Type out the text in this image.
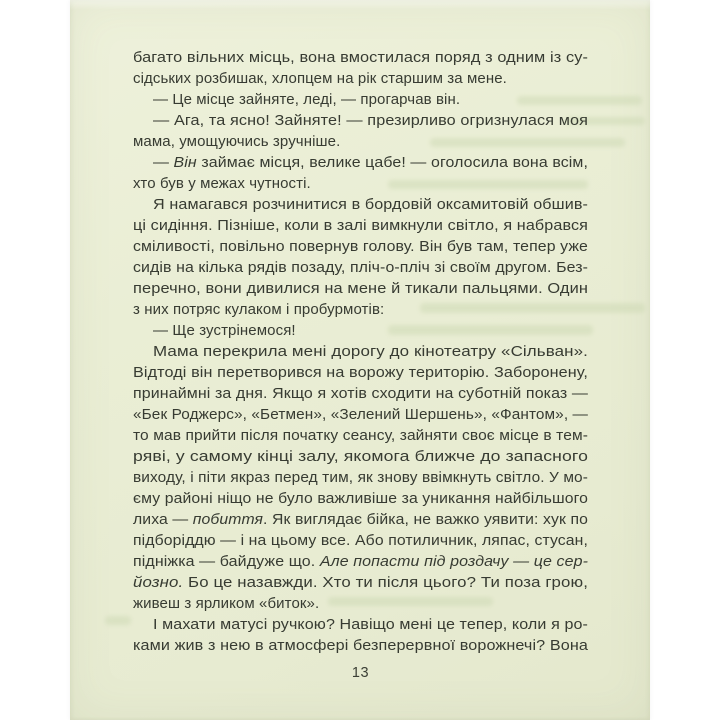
багато вільних місць, вона вмостилася поряд з одним із су-
сідських розбишак, хлопцем на рік старшим за мене.
— Це місце зайняте, леді, — прогарчав він.
— Ага, та ясно! Зайняте! — презирливо огризнулася моя
мама, умощуючись зручніше.
— Він займає місця, велике цабе! — оголосила вона всім,
хто був у межах чутності.
Я намагався розчинитися в бордовій оксамитовій обшив-
ці сидіння. Пізніше, коли в залі вимкнули світло, я набрався
сміливості, повільно повернув голову. Він був там, тепер уже
сидів на кілька рядів позаду, пліч-о-пліч зі своїм другом. Без-
перечно, вони дивилися на мене й тикали пальцями. Один
з них потряс кулаком і пробурмотів:
— Ще зустрінемося!
Мама перекрила мені дорогу до кінотеатру «Сільван».
Відтоді він перетворився на ворожу територію. Заборонену,
принаймні за дня. Якщо я хотів сходити на суботній показ —
«Бек Роджерс», «Бетмен», «Зелений Шершень», «Фантом», —
то мав прийти після початку сеансу, зайняти своє місце в тем-
ряві, у самому кінці залу, якомога ближче до запасного
виходу, і піти якраз перед тим, як знову ввімкнуть світло. У мо-
єму районі ніщо не було важливіше за уникання найбільшого
лиха — побиття. Як виглядає бійка, не важко уявити: хук по
підборіддю — і на цьому все. Або потиличник, ляпас, стусан,
підніжка — байдуже що. Але попасти під роздачу — це сер-
йозно. Бо це назавжди. Хто ти після цього? Ти поза грою,
живеш з ярликом «биток».
І махати матусі ручкою? Навіщо мені це тепер, коли я ро-
ками жив з нею в атмосфері безперервної ворожнечі? Вона
13
